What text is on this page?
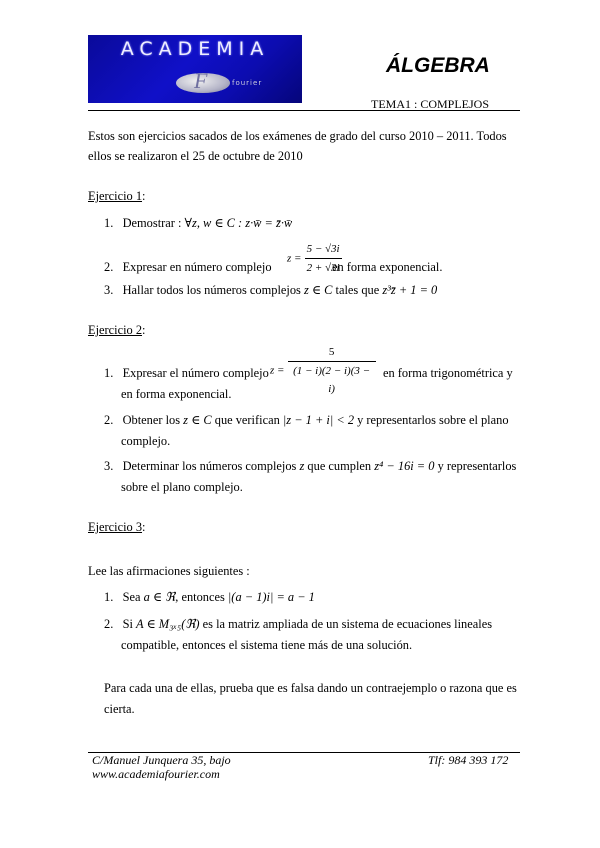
ACADEMIA
F	fourier
ÁLGEBRA
TEMA1 : COMPLEJOS
Estos son ejercicios sacados de los exámenes de grado del curso 2010 – 2011. Todos
ellos se realizaron el 25 de octubre de 2010
Ejercicio 1:
1. Demostrar : ∀z, w ∈ C : z·w̄ = z̄·w̄
2. Expresar en número complejo
$z = \frac{5 - √3i}{2 + √3i}$
en forma exponencial.
3. Hallar todos los números complejos z ∈ C tales que z³z̄ + 1 = 0
Ejercicio 2:
1. Expresar el número complejo $z = \frac{5}{(1 - i)(2 - i)(3 - i)}$ en forma trigonométrica y
en forma exponencial.
2. Obtener los z ∈ C que verifican |z − 1 + i| < 2 y representarlos sobre el plano
complejo.
3. Determinar los números complejos z que cumplen z⁴ − 16i = 0 y representarlos
sobre el plano complejo.
Ejercicio 3:
Lee las afirmaciones siguientes :
1. Sea a ∈ ℜ, entonces |(a − 1)i| = a − 1
2. Si A ∈ M₃ₓ₅(ℜ) es la matriz ampliada de un sistema de ecuaciones lineales
compatible, entonces el sistema tiene más de una solución.
Para cada una de ellas, prueba que es falsa dando un contraejemplo o razona que es
cierta.
C/Manuel Junquera 35, bajo	Tlf: 984 393 172
www.academiafourier.com
